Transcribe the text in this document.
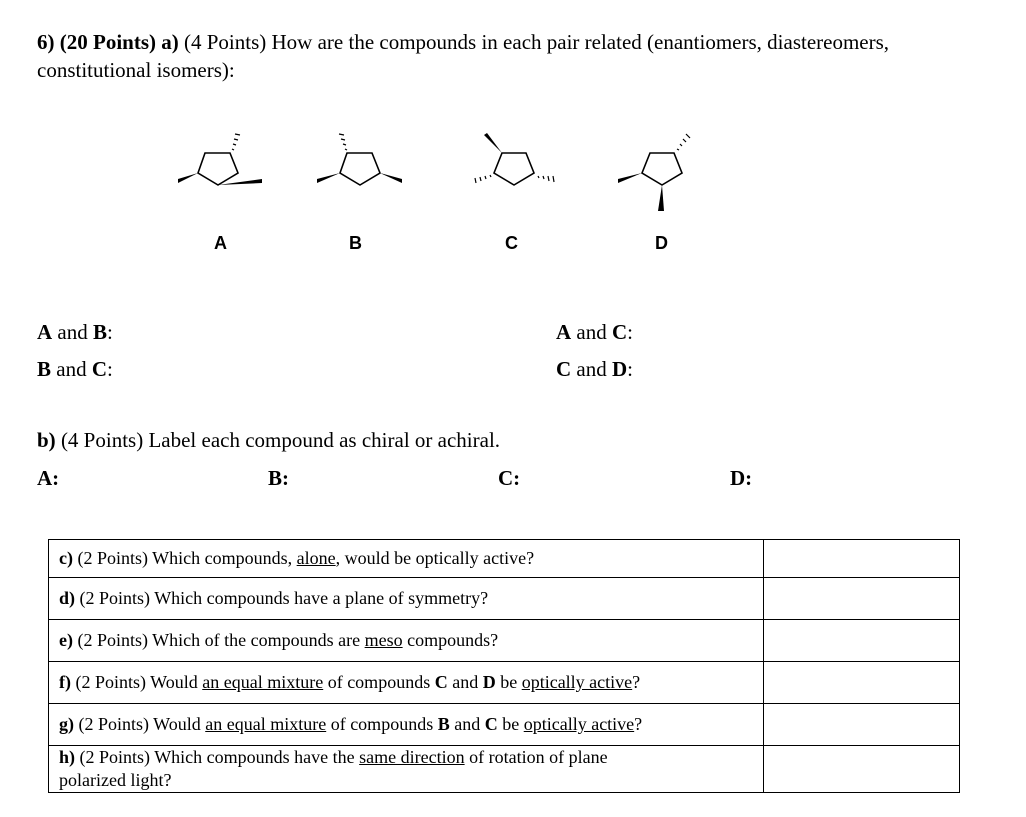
6) (20 Points) a) (4 Points) How are the compounds in each pair related (enantiomers, diastereomers,
constitutional isomers):
A	B	C	D
A and B:
B and C:
A and C:
C and D:
b) (4 Points) Label each compound as chiral or achiral.
A:	B:	C:	D:
c) (2 Points) Which compounds, alone, would be optically active?	
d) (2 Points) Which compounds have a plane of symmetry?	
e) (2 Points) Which of the compounds are meso compounds?	
f) (2 Points) Would an equal mixture of compounds C and D be optically active?	
g) (2 Points) Would an equal mixture of compounds B and C be optically active?	
h) (2 Points) Which compounds have the same direction of rotation of plane
polarized light?	
